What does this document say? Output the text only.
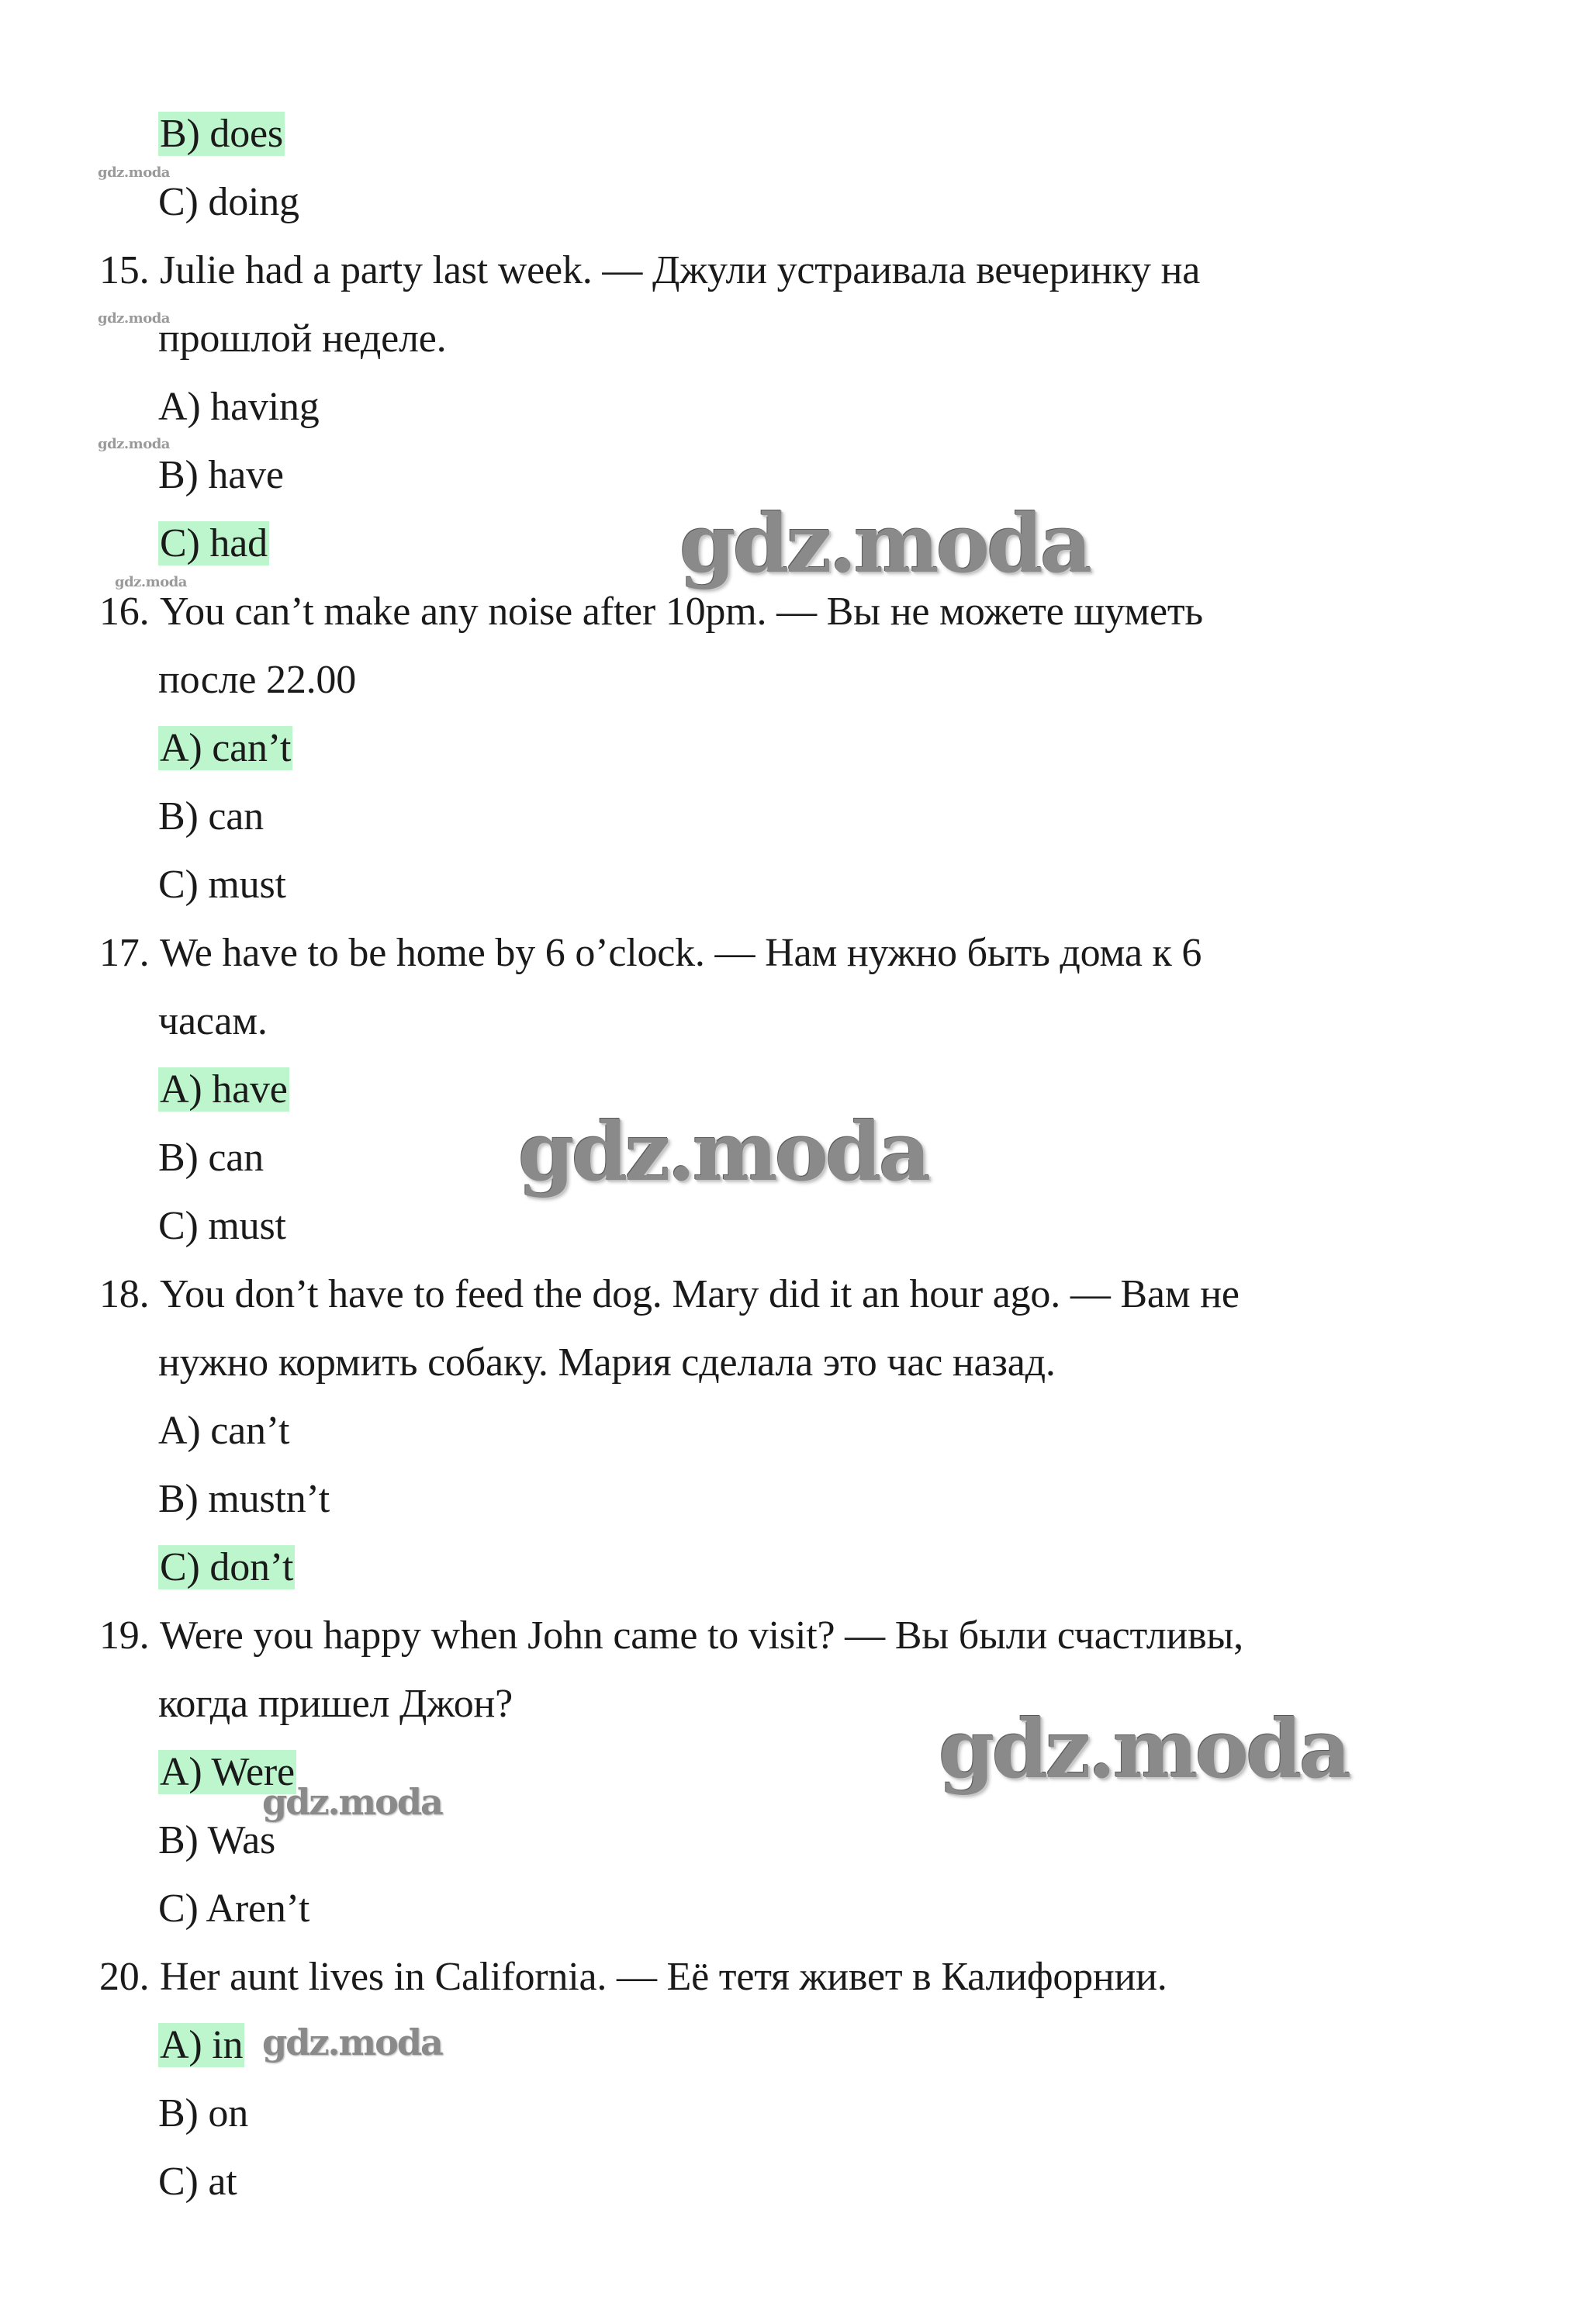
B) does
C) doing
15. Julie had a party last week. — Джули устраивала вечеринку на
прошлой неделе.
A) having
B) have
C) had
16. You can’t make any noise after 10pm. — Вы не можете шуметь
после 22.00
A) can’t
B) can
C) must
17. We have to be home by 6 o’clock. — Нам нужно быть дома к 6
часам.
A) have
B) can
C) must
18. You don’t have to feed the dog. Mary did it an hour ago. — Вам не
нужно кормить собаку. Мария сделала это час назад.
A) can’t
B) mustn’t
C) don’t
19. Were you happy when John came to visit? — Вы были счастливы,
когда пришел Джон?
A) Were
B) Was
C) Aren’t
20. Her aunt lives in California. — Её тетя живет в Калифорнии.
A) in
B) on
C) at
gdz.moda
gdz.moda
gdz.moda
gdz.moda	gdz.moda
gdz.moda
gdz.moda
gdz.moda
gdz.moda
